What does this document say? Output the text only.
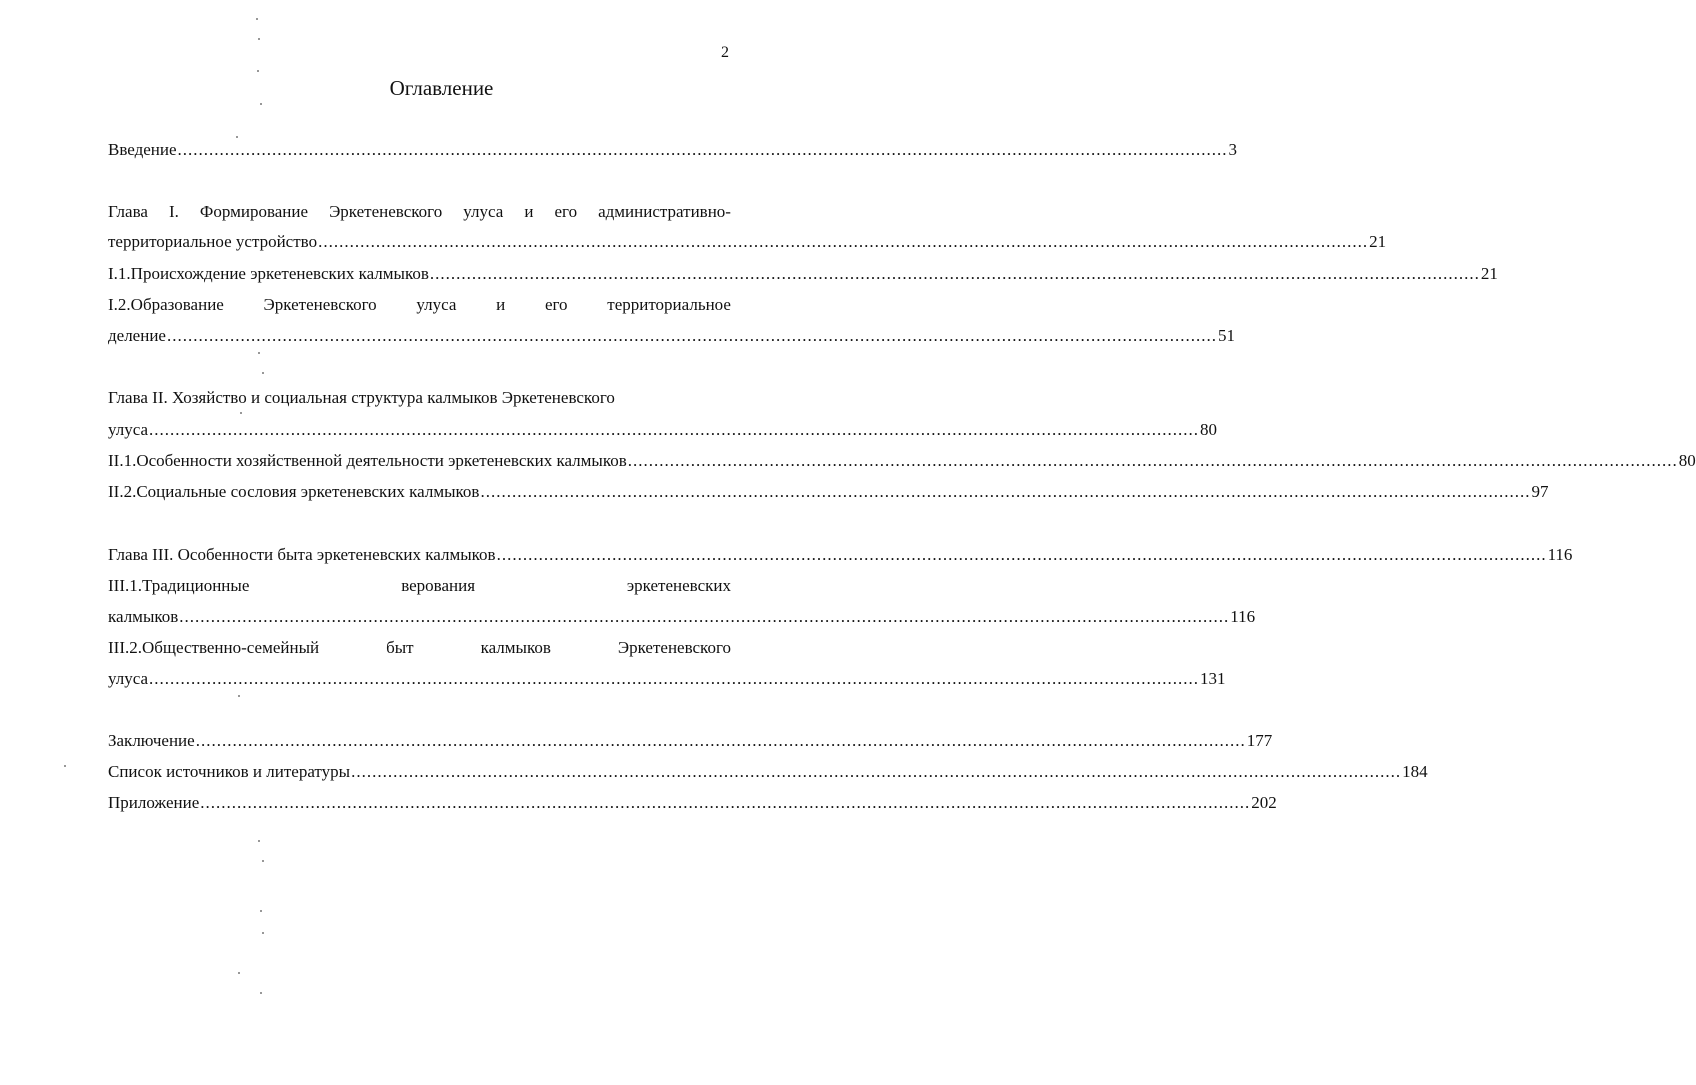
2
Оглавление
Введение ........................................................................................................................................................................................................ 3
Глава I. Формирование Эркетеневского улуса и его административно-
территориальное устройство ........................................................................................................................................................................................................ 21
I.1.Происхождение эркетеневских калмыков ........................................................................................................................................................................................................ 21
I.2.Образование Эркетеневского улуса и его территориальное
деление ........................................................................................................................................................................................................ 51
Глава II. Хозяйство и социальная структура калмыков Эркетеневского
улуса ........................................................................................................................................................................................................ 80
II.1.Особенности хозяйственной деятельности эркетеневских калмыков ........................................................................................................................................................................................................ 80
II.2.Социальные сословия эркетеневских калмыков ........................................................................................................................................................................................................ 97
Глава III. Особенности быта эркетеневских калмыков ........................................................................................................................................................................................................ 116
III.1.Традиционные	верования	эркетеневских
калмыков ........................................................................................................................................................................................................ 116
III.2.Общественно-семейный	быт	калмыков	Эркетеневского
улуса ........................................................................................................................................................................................................ 131
Заключение ........................................................................................................................................................................................................ 177
Список источников и литературы ........................................................................................................................................................................................................ 184
Приложение ........................................................................................................................................................................................................ 202
